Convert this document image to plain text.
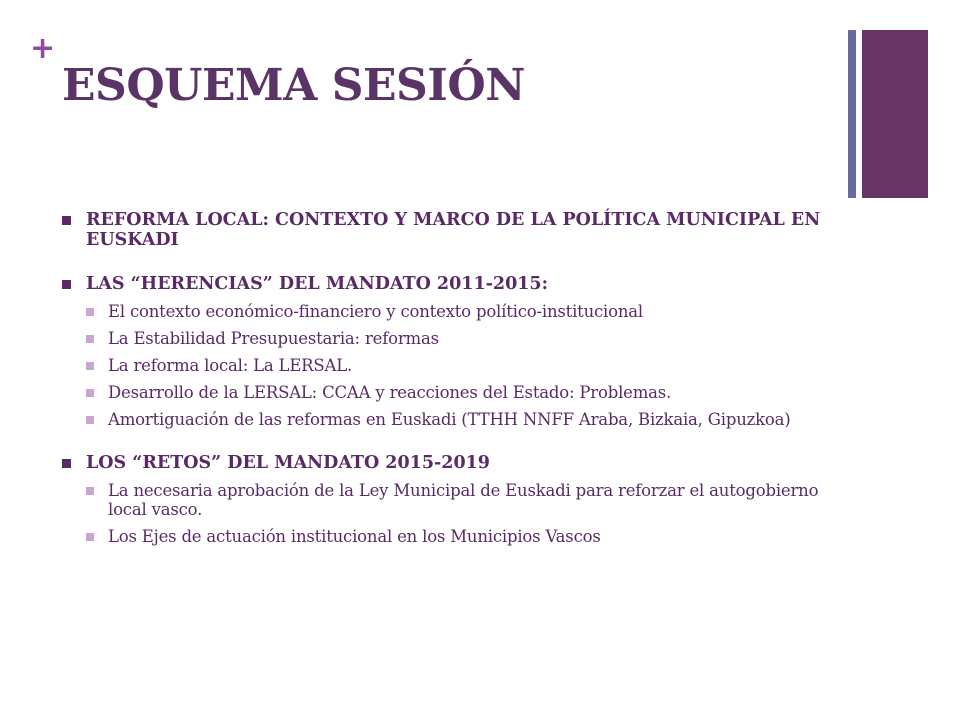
+
ESQUEMA SESIÓN
REFORMA LOCAL: CONTEXTO Y MARCO DE LA POLÍTICA MUNICIPAL EN EUSKADI
LAS “HERENCIAS” DEL MANDATO 2011-2015:
El contexto económico-financiero y contexto político-institucional
La Estabilidad Presupuestaria: reformas
La reforma local: La LERSAL.
Desarrollo de la LERSAL: CCAA y reacciones del Estado: Problemas.
Amortiguación de las reformas en Euskadi (TTHH NNFF Araba, Bizkaia, Gipuzkoa)
LOS “RETOS” DEL MANDATO 2015-2019
La necesaria aprobación de la Ley Municipal de Euskadi para reforzar el autogobierno local vasco.
Los Ejes de actuación institucional en los Municipios Vascos
